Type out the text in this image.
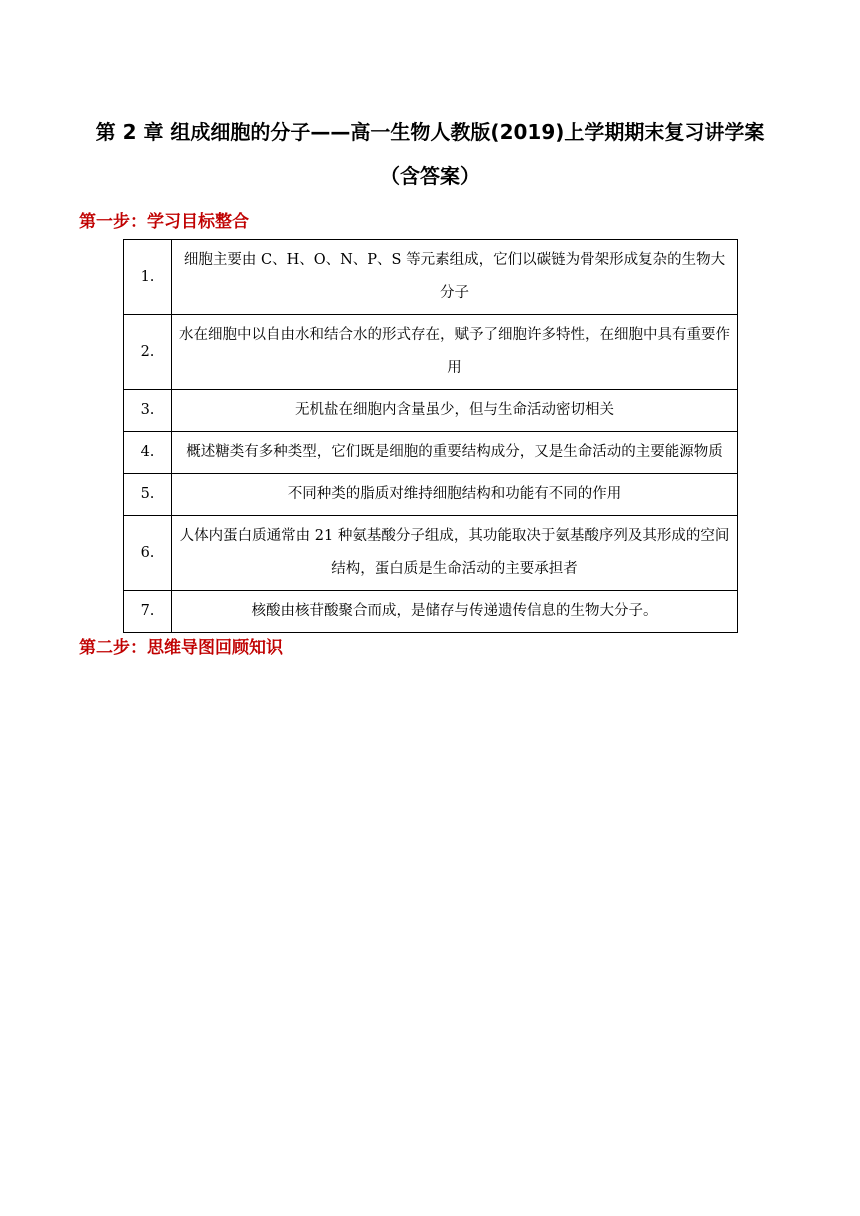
第 2 章 组成细胞的分子——高一生物人教版(2019)上学期期末复习讲学案
（含答案）
第一步：学习目标整合
1.	细胞主要由 C、H、O、N、P、S 等元素组成，它们以碳链为骨架形成复杂的生物大分子
2.	水在细胞中以自由水和结合水的形式存在，赋予了细胞许多特性，在细胞中具有重要作用
3.	无机盐在细胞内含量虽少，但与生命活动密切相关
4.	概述糖类有多种类型，它们既是细胞的重要结构成分，又是生命活动的主要能源物质
5.	不同种类的脂质对维持细胞结构和功能有不同的作用
6.	人体内蛋白质通常由 21 种氨基酸分子组成，其功能取决于氨基酸序列及其形成的空间结构，蛋白质是生命活动的主要承担者
7.	核酸由核苷酸聚合而成，是储存与传递遗传信息的生物大分子。
第二步：思维导图回顾知识
